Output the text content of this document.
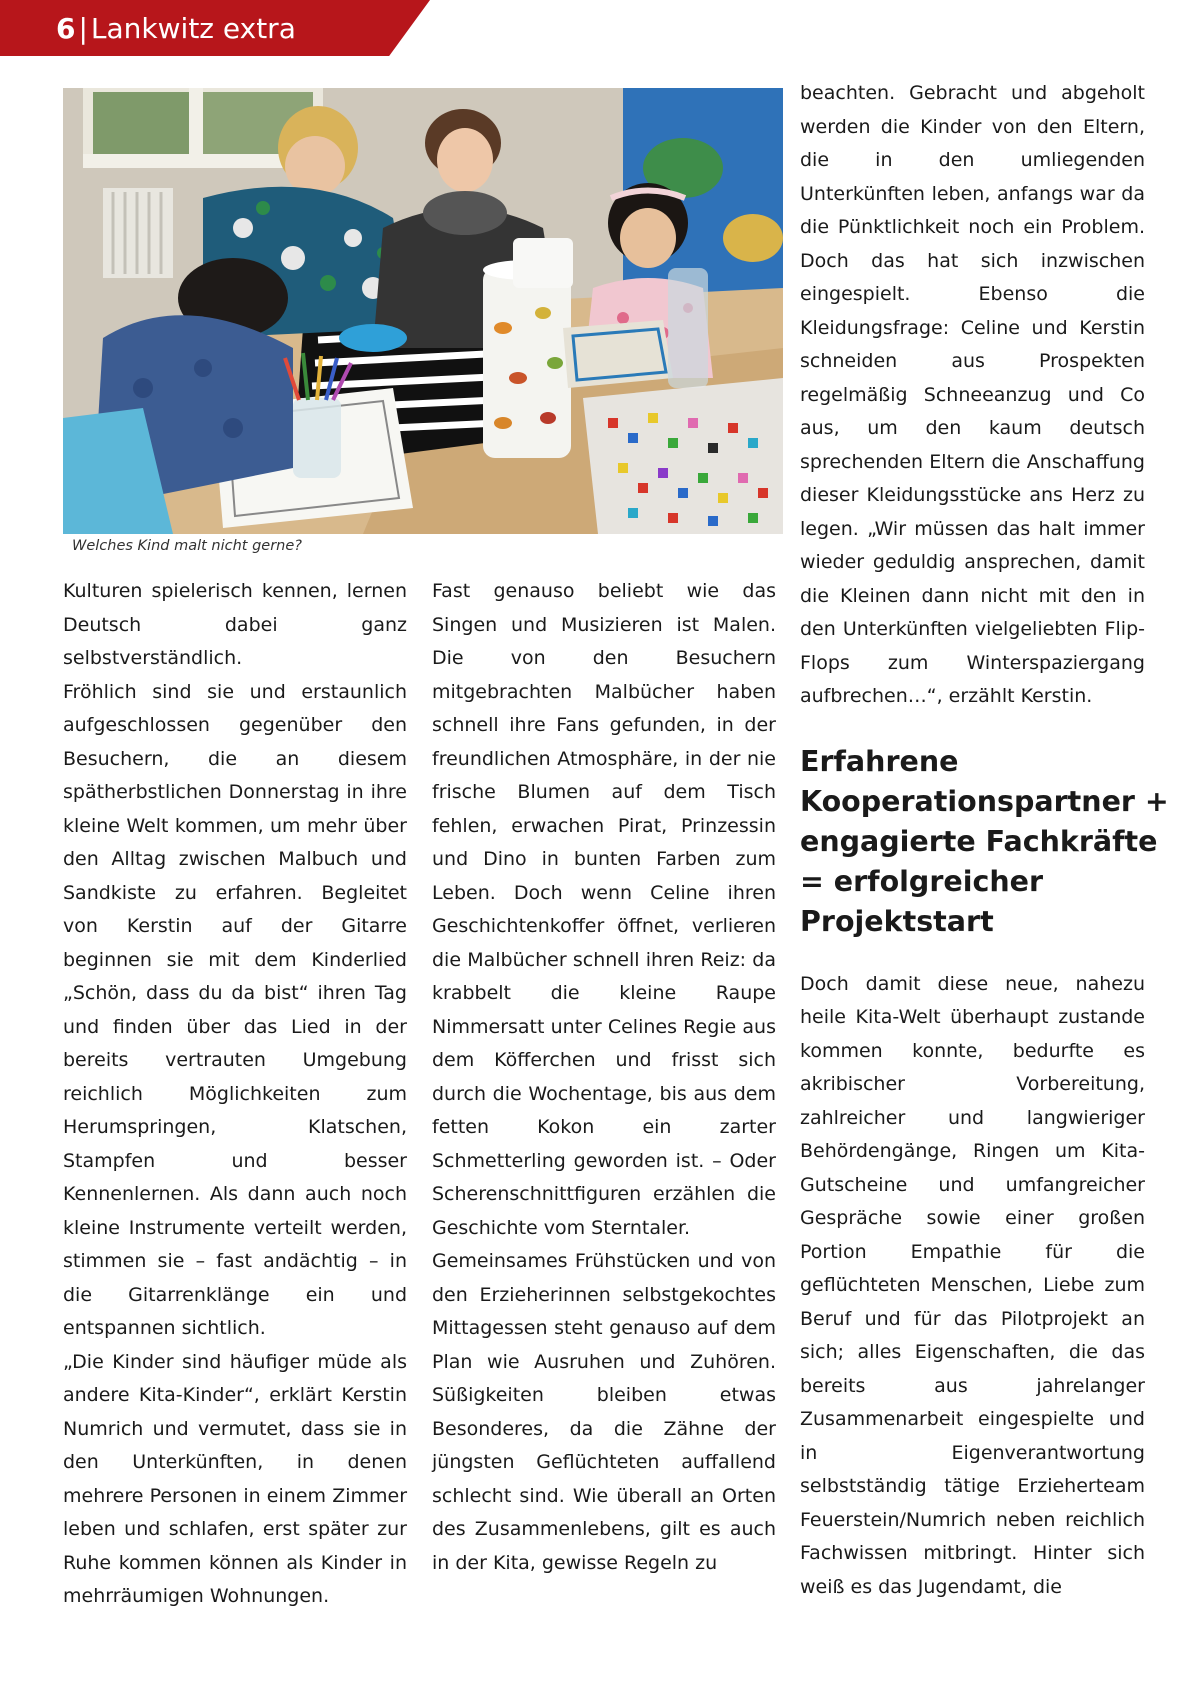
6 | Lankwitz extra
Welches Kind malt nicht gerne?

Kulturen spielerisch kennen, lernen Deutsch dabei ganz selbstverständlich.

Fröhlich sind sie und erstaunlich aufgeschlossen gegenüber den Besuchern, die an diesem spätherbstlichen Donnerstag in ihre kleine Welt kommen, um mehr über den Alltag zwischen Malbuch und Sandkiste zu erfahren. Begleitet von Kerstin auf der Gitarre beginnen sie mit dem Kinderlied „Schön, dass du da bist“ ihren Tag und finden über das Lied in der bereits vertrauten Umgebung reichlich Möglichkeiten zum Herumspringen, Klatschen, Stampfen und besser Kennenlernen. Als dann auch noch kleine Instrumente verteilt werden, stimmen sie – fast andächtig – in die Gitarrenklänge ein und entspannen sichtlich.

„Die Kinder sind häufiger müde als andere Kita-Kinder“, erklärt Kerstin Numrich und vermutet, dass sie in den Unterkünften, in denen mehrere Personen in einem Zimmer leben und schlafen, erst später zur Ruhe kommen können als Kinder in mehrräumigen Wohnungen.

Fast genauso beliebt wie das Singen und Musizieren ist Malen. Die von den Besuchern mitgebrachten Malbücher haben schnell ihre Fans gefunden, in der freundlichen Atmosphäre, in der nie frische Blumen auf dem Tisch fehlen, erwachen Pirat, Prinzessin und Dino in bunten Farben zum Leben. Doch wenn Celine ihren Geschichtenkoffer öffnet, verlieren die Malbücher schnell ihren Reiz: da krabbelt die kleine Raupe Nimmersatt unter Celines Regie aus dem Köfferchen und frisst sich durch die Wochentage, bis aus dem fetten Kokon ein zarter Schmetterling geworden ist. – Oder Scherenschnittfiguren erzählen die Geschichte vom Sterntaler.

Gemeinsames Frühstücken und von den Erzieherinnen selbstgekochtes Mittagessen steht genauso auf dem Plan wie Ausruhen und Zuhören. Süßigkeiten bleiben etwas Besonderes, da die Zähne der jüngsten Geflüchteten auffallend schlecht sind. Wie überall an Orten des Zusammenlebens, gilt es auch in der Kita, gewisse Regeln zu

beachten. Gebracht und abgeholt werden die Kinder von den Eltern, die in den umliegenden Unterkünften leben, anfangs war da die Pünktlichkeit noch ein Problem. Doch das hat sich inzwischen eingespielt. Ebenso die Kleidungsfrage: Celine und Kerstin schneiden aus Prospekten regelmäßig Schneeanzug und Co aus, um den kaum deutsch sprechenden Eltern die Anschaffung dieser Kleidungsstücke ans Herz zu legen. „Wir müssen das halt immer wieder geduldig ansprechen, damit die Kleinen dann nicht mit den in den Unterkünften vielgeliebten Flip-Flops zum Winterspaziergang aufbrechen…“, erzählt Kerstin.

Erfahrene
Kooperationspartner +
engagierte Fachkräfte
= erfolgreicher
Projektstart

Doch damit diese neue, nahezu heile Kita-Welt überhaupt zustande kommen konnte, bedurfte es akribischer Vorbereitung, zahlreicher und langwieriger Behördengänge, Ringen um Kita-Gutscheine und umfangreicher Gespräche sowie einer großen Portion Empathie für die geflüchteten Menschen, Liebe zum Beruf und für das Pilotprojekt an sich; alles Eigenschaften, die das bereits aus jahrelanger Zusammenarbeit eingespielte und in Eigenverantwortung selbstständig tätige Erzieherteam Feuerstein/Numrich neben reichlich Fachwissen mitbringt. Hinter sich weiß es das Jugendamt, die
